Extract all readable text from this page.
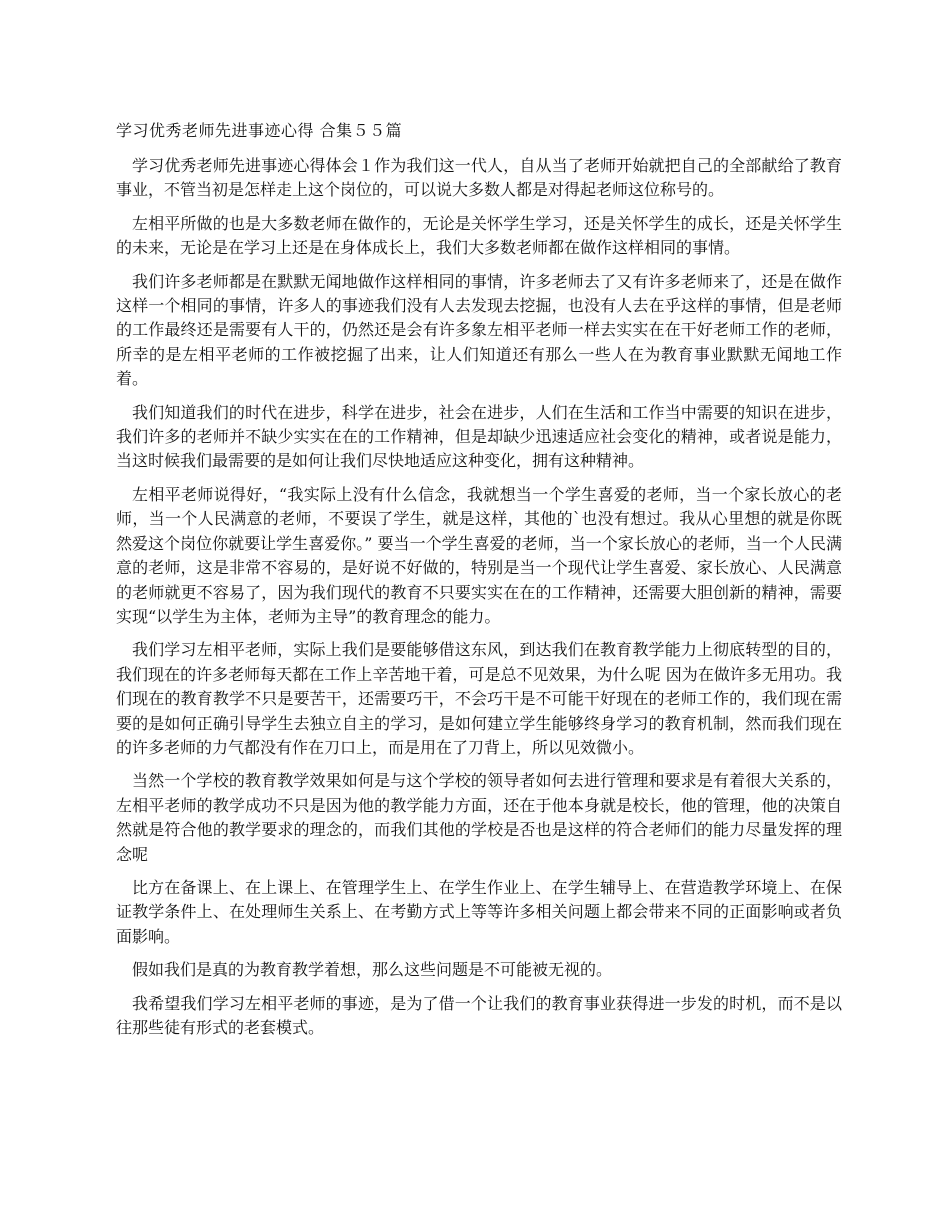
学习优秀老师先进事迹心得 合集５５篇

学习优秀老师先进事迹心得体会１作为我们这一代人，自从当了老师开始就把自己的全部献给了教育事业，不管当初是怎样走上这个岗位的，可以说大多数人都是对得起老师这位称号的。

左相平所做的也是大多数老师在做作的，无论是关怀学生学习，还是关怀学生的成长，还是关怀学生的未来，无论是在学习上还是在身体成长上，我们大多数老师都在做作这样相同的事情。

我们许多老师都是在默默无闻地做作这样相同的事情，许多老师去了又有许多老师来了，还是在做作这样一个相同的事情，许多人的事迹我们没有人去发现去挖掘，也没有人去在乎这样的事情，但是老师的工作最终还是需要有人干的，仍然还是会有许多象左相平老师一样去实实在在干好老师工作的老师，所幸的是左相平老师的工作被挖掘了出来，让人们知道还有那么一些人在为教育事业默默无闻地工作着。

我们知道我们的时代在进步，科学在进步，社会在进步，人们在生活和工作当中需要的知识在进步，我们许多的老师并不缺少实实在在的工作精神，但是却缺少迅速适应社会变化的精神，或者说是能力，当这时候我们最需要的是如何让我们尽快地适应这种变化，拥有这种精神。

左相平老师说得好，“我实际上没有什么信念，我就想当一个学生喜爱的老师，当一个家长放心的老师，当一个人民满意的老师，不要误了学生，就是这样，其他的`也没有想过。我从心里想的就是你既然爱这个岗位你就要让学生喜爱你。” 要当一个学生喜爱的老师，当一个家长放心的老师，当一个人民满意的老师，这是非常不容易的，是好说不好做的，特别是当一个现代让学生喜爱、家长放心、人民满意的老师就更不容易了，因为我们现代的教育不只要实实在在的工作精神，还需要大胆创新的精神，需要实现“以学生为主体，老师为主导”的教育理念的能力。

我们学习左相平老师，实际上我们是要能够借这东风，到达我们在教育教学能力上彻底转型的目的，我们现在的许多老师每天都在工作上辛苦地干着，可是总不见效果，为什么呢 因为在做许多无用功。我们现在的教育教学不只是要苦干，还需要巧干，不会巧干是不可能干好现在的老师工作的，我们现在需要的是如何正确引导学生去独立自主的学习，是如何建立学生能够终身学习的教育机制，然而我们现在的许多老师的力气都没有作在刀口上，而是用在了刀背上，所以见效微小。

当然一个学校的教育教学效果如何是与这个学校的领导者如何去进行管理和要求是有着很大关系的，左相平老师的教学成功不只是因为他的教学能力方面，还在于他本身就是校长，他的管理，他的决策自然就是符合他的教学要求的理念的，而我们其他的学校是否也是这样的符合老师们的能力尽量发挥的理念呢

比方在备课上、在上课上、在管理学生上、在学生作业上、在学生辅导上、在营造教学环境上、在保证教学条件上、在处理师生关系上、在考勤方式上等等许多相关问题上都会带来不同的正面影响或者负面影响。

假如我们是真的为教育教学着想，那么这些问题是不可能被无视的。

我希望我们学习左相平老师的事迹，是为了借一个让我们的教育事业获得进一步发的时机，而不是以往那些徒有形式的老套模式。
